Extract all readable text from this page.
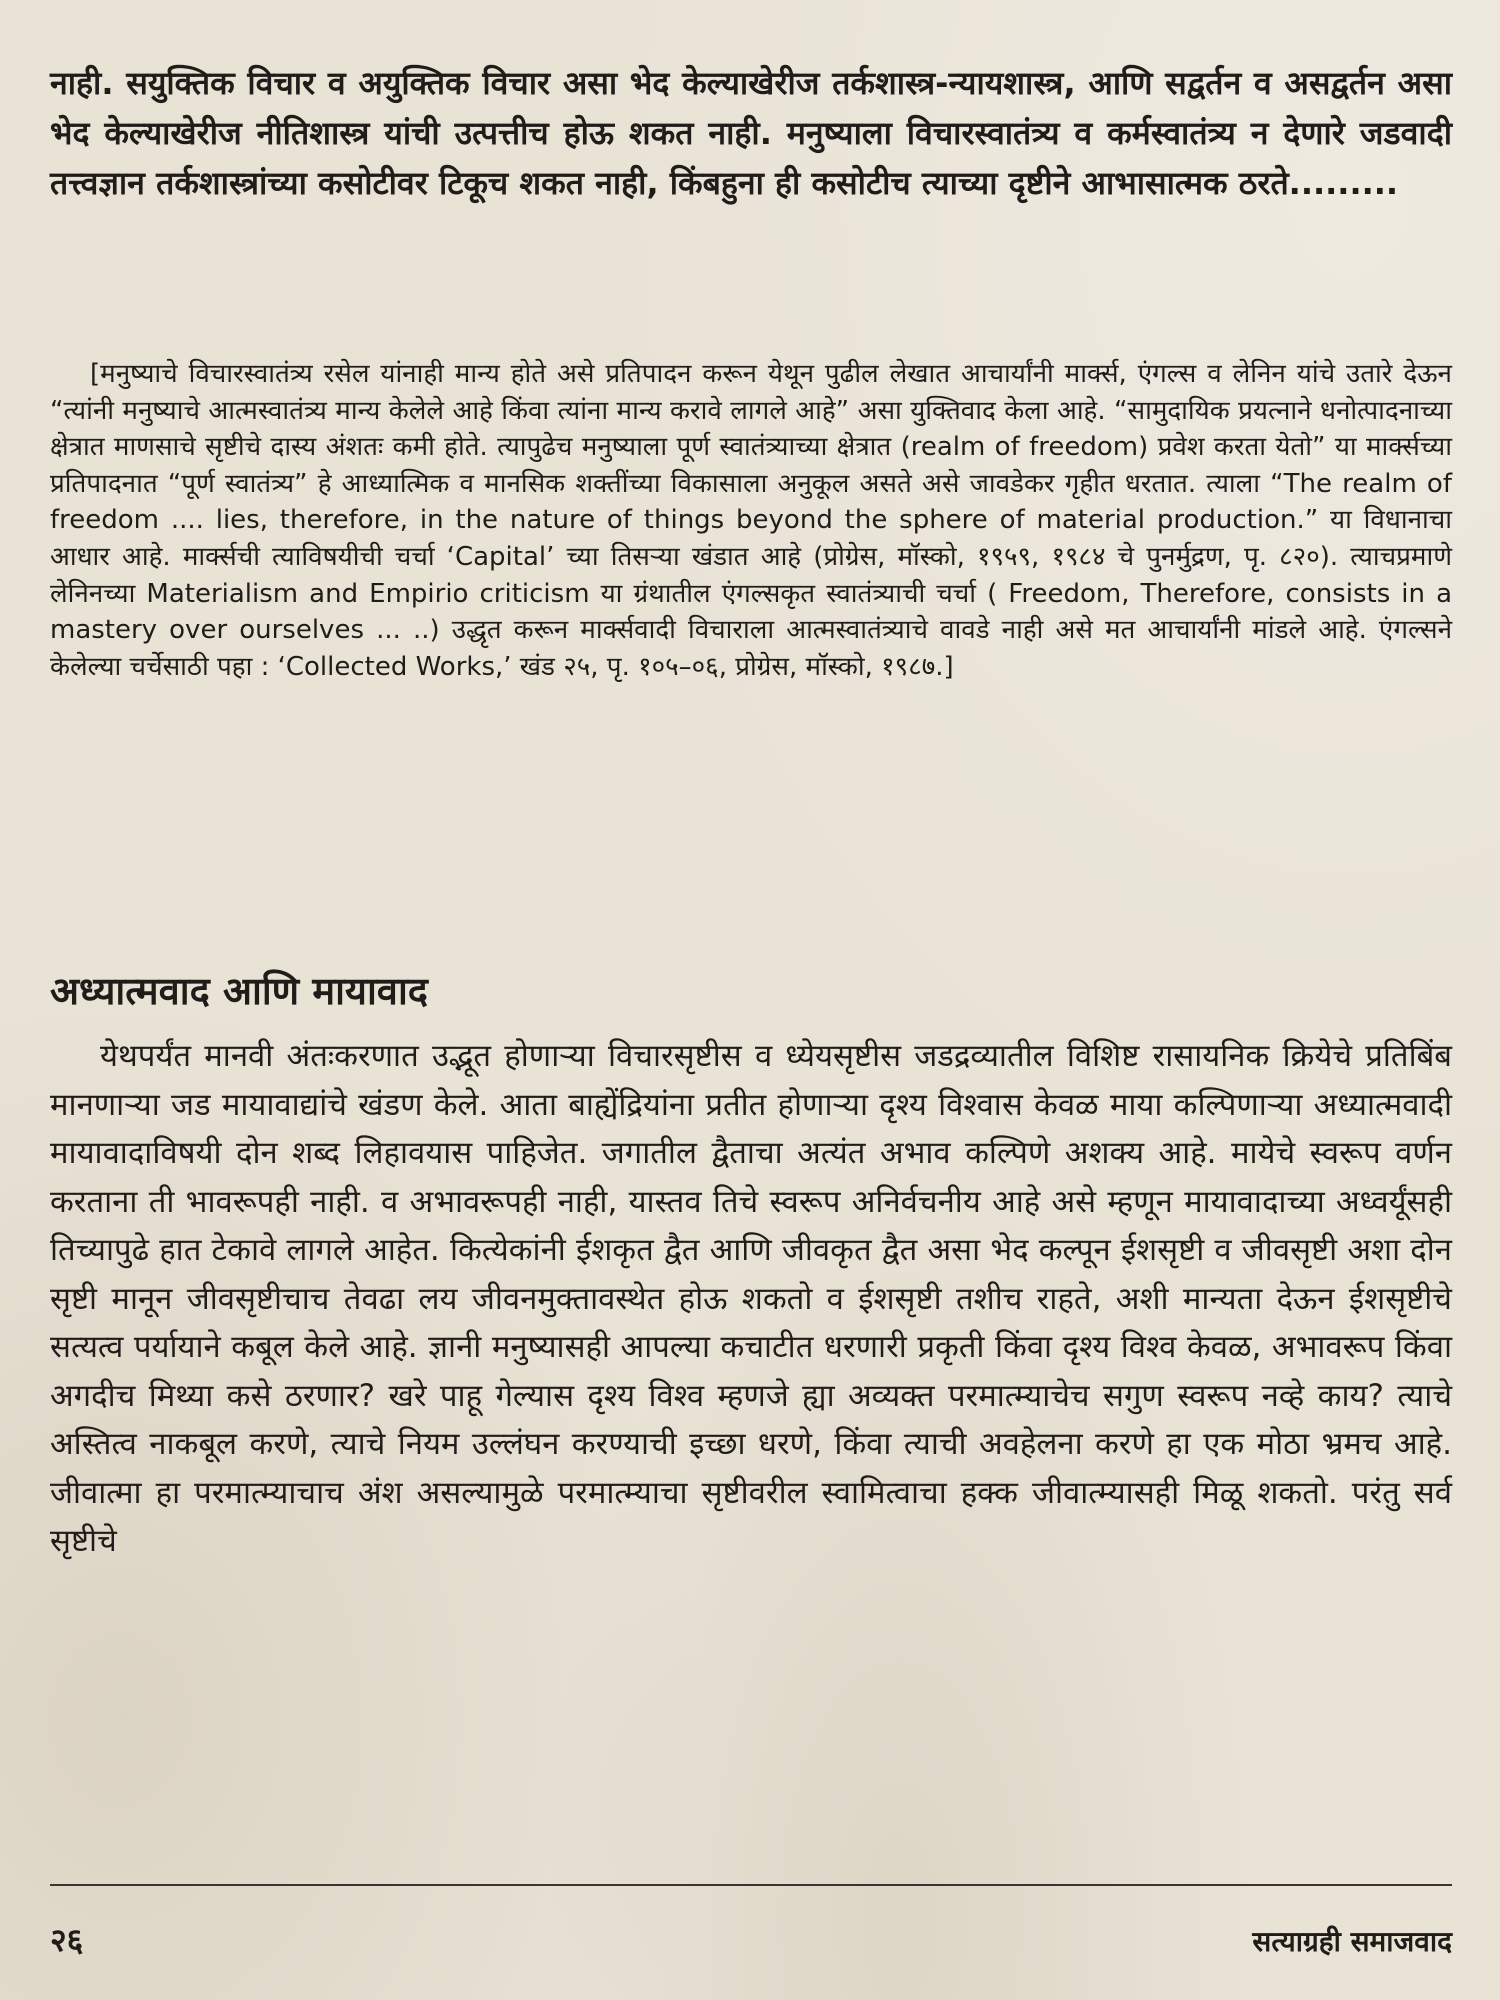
नाही. सयुक्तिक विचार व अयुक्तिक विचार असा भेद केल्याखेरीज तर्कशास्त्र-न्यायशास्त्र, आणि सद्वर्तन व असद्वर्तन असा भेद केल्याखेरीज नीतिशास्त्र यांची उत्पत्तीच होऊ शकत नाही. मनुष्याला विचारस्वातंत्र्य व कर्मस्वातंत्र्य न देणारे जडवादी तत्त्वज्ञान तर्कशास्त्रांच्या कसोटीवर टिकूच शकत नाही, किंबहुना ही कसोटीच त्याच्या दृष्टीने आभासात्मक ठरते.........
[मनुष्याचे विचारस्वातंत्र्य रसेल यांनाही मान्य होते असे प्रतिपादन करून येथून पुढील लेखात आचार्यांनी मार्क्स, एंगल्स व लेनिन यांचे उतारे देऊन “त्यांनी मनुष्याचे आत्मस्वातंत्र्य मान्य केलेले आहे किंवा त्यांना मान्य करावे लागले आहे” असा युक्तिवाद केला आहे. “सामुदायिक प्रयत्नाने धनोत्पादनाच्या क्षेत्रात माणसाचे सृष्टीचे दास्य अंशतः कमी होते. त्यापुढेच मनुष्याला पूर्ण स्वातंत्र्याच्या क्षेत्रात (realm of freedom) प्रवेश करता येतो” या मार्क्सच्या प्रतिपादनात “पूर्ण स्वातंत्र्य” हे आध्यात्मिक व मानसिक शक्तींच्या विकासाला अनुकूल असते असे जावडेकर गृहीत धरतात. त्याला “The realm of freedom .... lies, therefore, in the nature of things beyond the sphere of material production.” या विधानाचा आधार आहे. मार्क्सची त्याविषयीची चर्चा ‘Capital’ च्या तिसऱ्या खंडात आहे (प्रोग्रेस, मॉस्को, १९५९, १९८४ चे पुनर्मुद्रण, पृ. ८२०). त्याचप्रमाणे लेनिनच्या Materialism and Empirio criticism या ग्रंथातील एंगल्सकृत स्वातंत्र्याची चर्चा ( Freedom, Therefore, consists in a mastery over ourselves ... ..) उद्धृत करून मार्क्सवादी विचाराला आत्मस्वातंत्र्याचे वावडे नाही असे मत आचार्यांनी मांडले आहे. एंगल्सने केलेल्या चर्चेसाठी पहा : ‘Collected Works,’ खंड २५, पृ. १०५–०६, प्रोग्रेस, मॉस्को, १९८७.]
अध्यात्मवाद आणि मायावाद
येथपर्यंत मानवी अंतःकरणात उद्भूत होणाऱ्या विचारसृष्टीस व ध्येयसृष्टीस जडद्रव्यातील विशिष्ट रासायनिक क्रियेचे प्रतिबिंब मानणाऱ्या जड मायावाद्यांचे खंडण केले. आता बाह्येंद्रियांना प्रतीत होणाऱ्या दृश्य विश्वास केवळ माया कल्पिणाऱ्या अध्यात्मवादी मायावादाविषयी दोन शब्द लिहावयास पाहिजेत. जगातील द्वैताचा अत्यंत अभाव कल्पिणे अशक्य आहे. मायेचे स्वरूप वर्णन करताना ती भावरूपही नाही. व अभावरूपही नाही, यास्तव तिचे स्वरूप अनिर्वचनीय आहे असे म्हणून मायावादाच्या अध्वर्यूंसही तिच्यापुढे हात टेकावे लागले आहेत. कित्येकांनी ईशकृत द्वैत आणि जीवकृत द्वैत असा भेद कल्पून ईशसृष्टी व जीवसृष्टी अशा दोन सृष्टी मानून जीवसृष्टीचाच तेवढा लय जीवनमुक्तावस्थेत होऊ शकतो व ईशसृष्टी तशीच राहते, अशी मान्यता देऊन ईशसृष्टीचे सत्यत्व पर्यायाने कबूल केले आहे. ज्ञानी मनुष्यासही आपल्या कचाटीत धरणारी प्रकृती किंवा दृश्य विश्व केवळ, अभावरूप किंवा अगदीच मिथ्या कसे ठरणार? खरे पाहू गेल्यास दृश्य विश्व म्हणजे ह्या अव्यक्त परमात्म्याचेच सगुण स्वरूप नव्हे काय? त्याचे अस्तित्व नाकबूल करणे, त्याचे नियम उल्लंघन करण्याची इच्छा धरणे, किंवा त्याची अवहेलना करणे हा एक मोठा भ्रमच आहे. जीवात्मा हा परमात्म्याचाच अंश असल्यामुळे परमात्म्याचा सृष्टीवरील स्वामित्वाचा हक्क जीवात्म्यासही मिळू शकतो. परंतु सर्व सृष्टीचे
२६	सत्याग्रही समाजवाद
